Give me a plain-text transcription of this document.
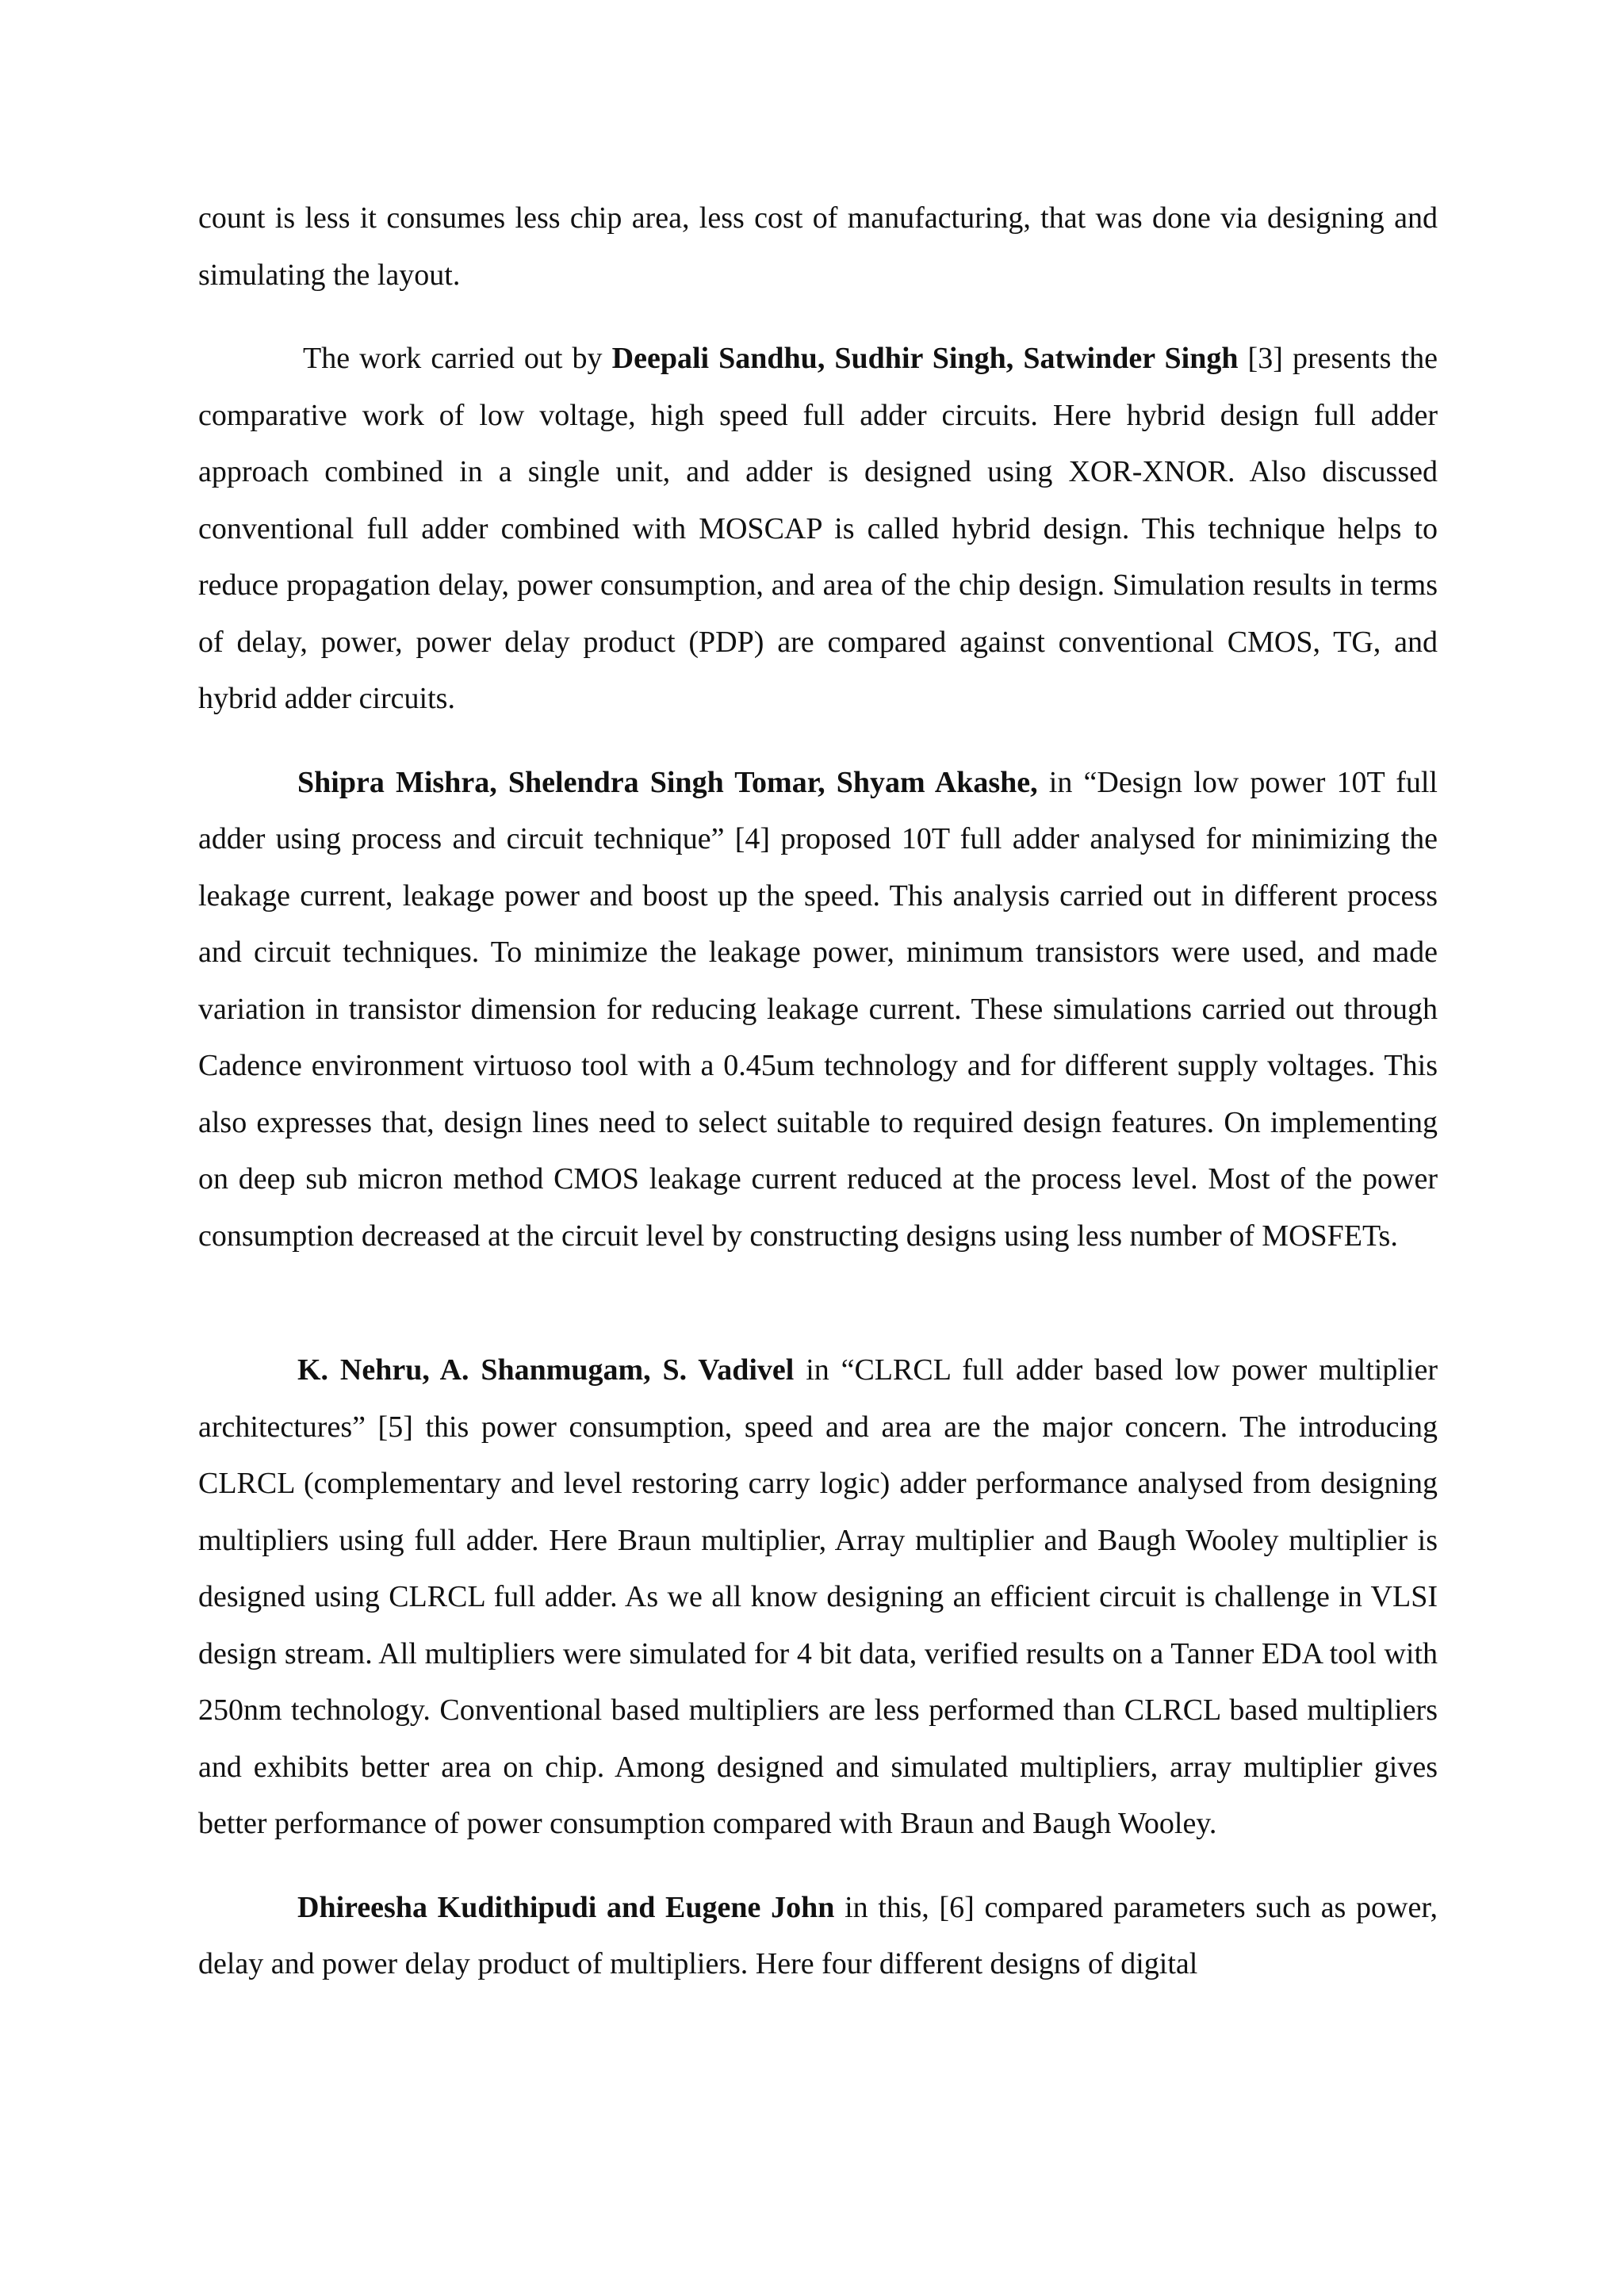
count is less it consumes less chip area, less cost of manufacturing, that was done via designing and simulating the layout.

The work carried out by Deepali Sandhu, Sudhir Singh, Satwinder Singh [3] presents the comparative work of low voltage, high speed full adder circuits. Here hybrid design full adder approach combined in a single unit, and adder is designed using XOR-XNOR. Also discussed conventional full adder combined with MOSCAP is called hybrid design. This technique helps to reduce propagation delay, power consumption, and area of the chip design. Simulation results in terms of delay, power, power delay product (PDP) are compared against conventional CMOS, TG, and hybrid adder circuits.

Shipra Mishra, Shelendra Singh Tomar, Shyam Akashe, in “Design low power 10T full adder using process and circuit technique” [4] proposed 10T full adder analysed for minimizing the leakage current, leakage power and boost up the speed. This analysis carried out in different process and circuit techniques. To minimize the leakage power, minimum transistors were used, and made variation in transistor dimension for reducing leakage current. These simulations carried out through Cadence environment virtuoso tool with a 0.45um technology and for different supply voltages. This also expresses that, design lines need to select suitable to required design features. On implementing on deep sub micron method CMOS leakage current reduced at the process level. Most of the power consumption decreased at the circuit level by constructing designs using less number of MOSFETs.

K. Nehru, A. Shanmugam, S. Vadivel in “CLRCL full adder based low power multiplier architectures” [5] this power consumption, speed and area are the major concern. The introducing CLRCL (complementary and level restoring carry logic) adder performance analysed from designing multipliers using full adder. Here Braun multiplier, Array multiplier and Baugh Wooley multiplier is designed using CLRCL full adder. As we all know designing an efficient circuit is challenge in VLSI design stream. All multipliers were simulated for 4 bit data, verified results on a Tanner EDA tool with 250nm technology. Conventional based multipliers are less performed than CLRCL based multipliers and exhibits better area on chip. Among designed and simulated multipliers, array multiplier gives better performance of power consumption compared with Braun and Baugh Wooley.

Dhireesha Kudithipudi and Eugene John in this, [6] compared parameters such as power, delay and power delay product of multipliers. Here four different designs of digital
